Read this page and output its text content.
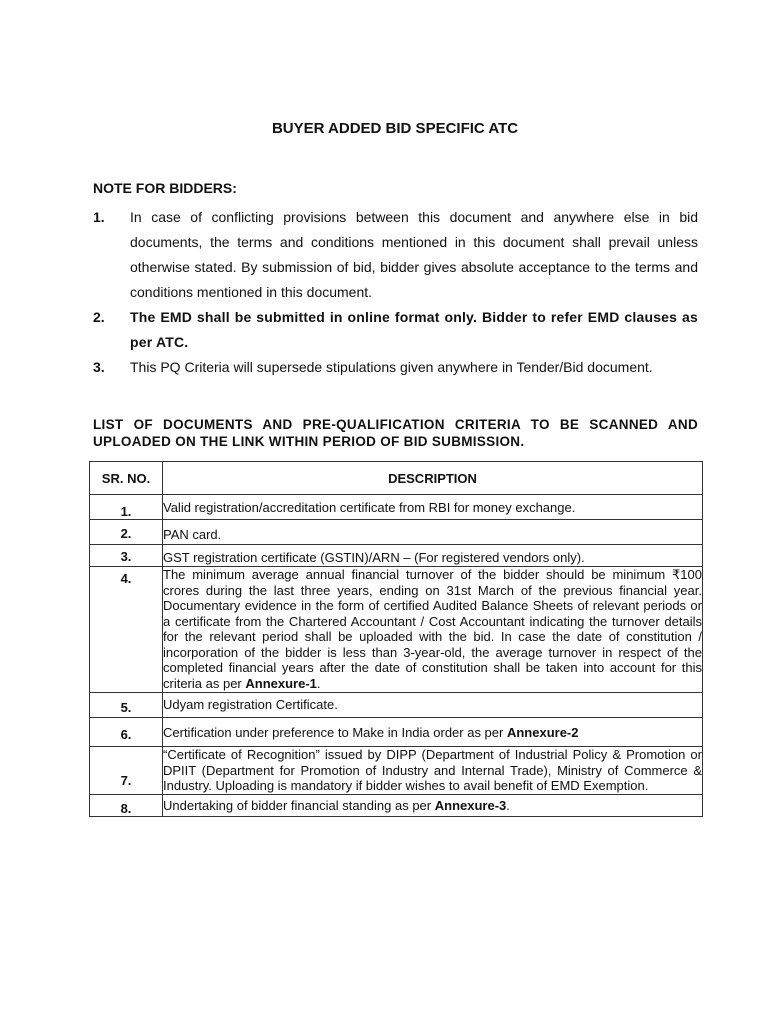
BUYER ADDED BID SPECIFIC ATC
NOTE FOR BIDDERS:
1.	In case of conflicting provisions between this document and anywhere else in bid documents, the terms and conditions mentioned in this document shall prevail unless otherwise stated. By submission of bid, bidder gives absolute acceptance to the terms and conditions mentioned in this document.
2.	The EMD shall be submitted in online format only. Bidder to refer EMD clauses as per ATC.
3.	This PQ Criteria will supersede stipulations given anywhere in Tender/Bid document.
LIST OF DOCUMENTS AND PRE-QUALIFICATION CRITERIA TO BE SCANNED AND UPLOADED ON THE LINK WITHIN PERIOD OF BID SUBMISSION.
SR. NO.	DESCRIPTION
1.	Valid registration/accreditation certificate from RBI for money exchange.
2.	PAN card.
3.	GST registration certificate (GSTIN)/ARN – (For registered vendors only).
4.	The minimum average annual financial turnover of the bidder should be minimum ₹100 crores during the last three years, ending on 31st March of the previous financial year. Documentary evidence in the form of certified Audited Balance Sheets of relevant periods or a certificate from the Chartered Accountant / Cost Accountant indicating the turnover details for the relevant period shall be uploaded with the bid. In case the date of constitution / incorporation of the bidder is less than 3-year-old, the average turnover in respect of the completed financial years after the date of constitution shall be taken into account for this criteria as per Annexure-1.
5.	Udyam registration Certificate.
6.	Certification under preference to Make in India order as per Annexure-2
7.	“Certificate of Recognition” issued by DIPP (Department of Industrial Policy & Promotion or DPIIT (Department for Promotion of Industry and Internal Trade), Ministry of Commerce & Industry. Uploading is mandatory if bidder wishes to avail benefit of EMD Exemption.
8.	Undertaking of bidder financial standing as per Annexure-3.
